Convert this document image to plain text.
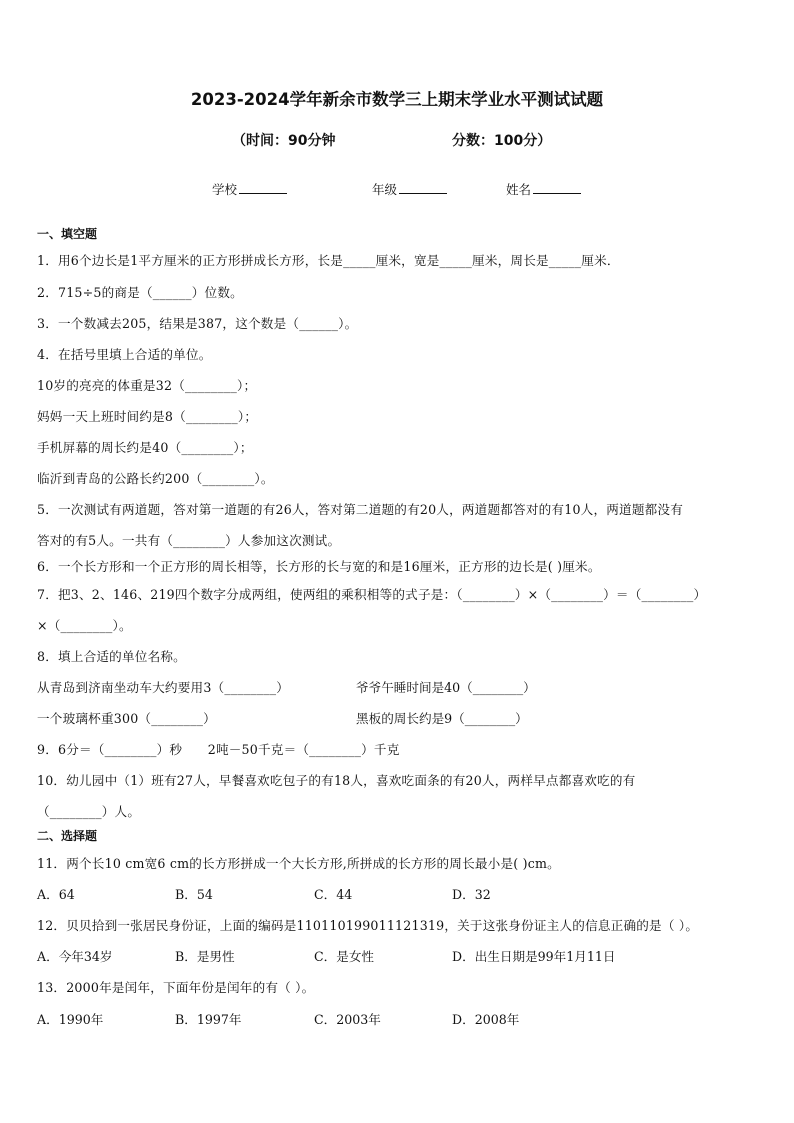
2023-2024学年新余市数学三上期末学业水平测试试题
（时间：90分钟	分数：100分）
学校	年级	姓名
一、填空题
1．用6个边长是1平方厘米的正方形拼成长方形，长是_____厘米，宽是_____厘米，周长是_____厘米．
2．715÷5的商是（______）位数。
3．一个数减去205，结果是387，这个数是（______）。
4．在括号里填上合适的单位。
10岁的亮亮的体重是32（________）；
妈妈一天上班时间约是8（________）；
手机屏幕的周长约是40（________）；
临沂到青岛的公路长约200（________）。
5．一次测试有两道题，答对第一道题的有26人，答对第二道题的有20人，两道题都答对的有10人，两道题都没有
答对的有5人。一共有（________）人参加这次测试。
6．一个长方形和一个正方形的周长相等，长方形的长与宽的和是16厘米，正方形的边长是( )厘米。
7．把3、2、146、219四个数字分成两组，使两组的乘积相等的式子是：（________）×（________）＝（________）
×（________）。
8．填上合适的单位名称。
从青岛到济南坐动车大约要用3（________）	爷爷午睡时间是40（________）
一个玻璃杯重300（________）	黑板的周长约是9（________）
9．6分＝（________）秒　　2吨－50千克＝（________）千克
10．幼儿园中（1）班有27人，早餐喜欢吃包子的有18人，喜欢吃面条的有20人，两样早点都喜欢吃的有
（________）人。
二、选择题
11．两个长10 cm宽6 cm的长方形拼成一个大长方形,所拼成的长方形的周长最小是( )cm。
A．64	B．54	C．44	D．32
12．贝贝拾到一张居民身份证，上面的编码是110110199011121319，关于这张身份证主人的信息正确的是（ ）。
A．今年34岁	B．是男性	C．是女性	D．出生日期是99年1月11日
13．2000年是闰年，下面年份是闰年的有（ ）。
A．1990年	B．1997年	C．2003年	D．2008年
